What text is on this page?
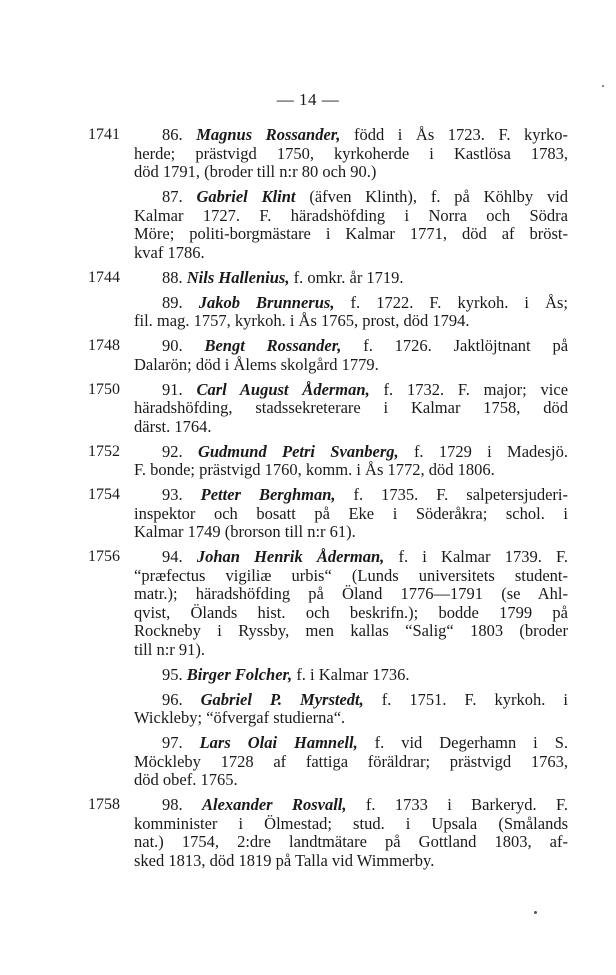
— 14 —
1741	86. Magnus Rossander, född i Ås 1723. F. kyrko-
herde; prästvigd 1750, kyrkoherde i Kastlösa 1783,
död 1791, (broder till n:r 80 och 90.)
87. Gabriel Klint (äfven Klinth), f. på Köhlby vid
Kalmar 1727. F. häradshöfding i Norra och Södra
Möre; politi-borgmästare i Kalmar 1771, död af bröst-
kvaf 1786.
1744	88. Nils Hallenius, f. omkr. år 1719.
89. Jakob Brunnerus, f. 1722. F. kyrkoh. i Ås;
fil. mag. 1757, kyrkoh. i Ås 1765, prost, död 1794.
1748	90. Bengt Rossander, f. 1726. Jaktlöjtnant på
Dalarön; död i Ålems skolgård 1779.
1750	91. Carl August Åderman, f. 1732. F. major; vice
häradshöfding, stadssekreterare i Kalmar 1758, död
därst. 1764.
1752	92. Gudmund Petri Svanberg, f. 1729 i Madesjö.
F. bonde; prästvigd 1760, komm. i Ås 1772, död 1806.
1754	93. Petter Berghman, f. 1735. F. salpetersjuderi-
inspektor och bosatt på Eke i Söderåkra; schol. i
Kalmar 1749 (brorson till n:r 61).
1756	94. Johan Henrik Åderman, f. i Kalmar 1739. F.
“præfectus vigiliæ urbis“ (Lunds universitets student-
matr.); häradshöfding på Öland 1776—1791 (se Ahl-
qvist, Ölands hist. och beskrifn.); bodde 1799 på
Rockneby i Ryssby, men kallas “Salig“ 1803 (broder
till n:r 91).
95. Birger Folcher, f. i Kalmar 1736.
96. Gabriel P. Myrstedt, f. 1751. F. kyrkoh. i
Wickleby; “öfvergaf studierna“.
97. Lars Olai Hamnell, f. vid Degerhamn i S.
Möckleby 1728 af fattiga föräldrar; prästvigd 1763,
död obef. 1765.
1758	98. Alexander Rosvall, f. 1733 i Barkeryd. F.
komminister i Ölmestad; stud. i Upsala (Smålands
nat.) 1754, 2:dre landtmätare på Gottland 1803, af-
sked 1813, död 1819 på Talla vid Wimmerby.
